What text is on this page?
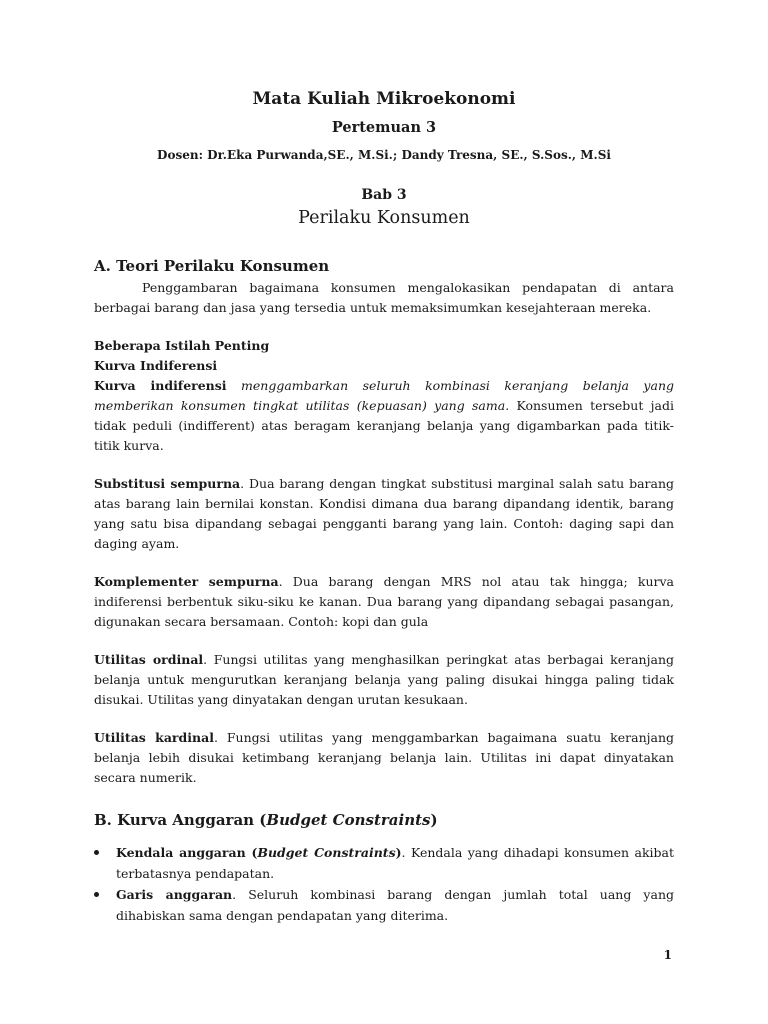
Mata Kuliah Mikroekonomi

Pertemuan 3

Dosen: Dr.Eka Purwanda,SE., M.Si.; Dandy Tresna, SE., S.Sos., M.Si

Bab 3

Perilaku Konsumen

A. Teori Perilaku Konsumen

Penggambaran bagaimana konsumen mengalokasikan pendapatan di antara berbagai barang dan jasa yang tersedia untuk memaksimumkan kesejahteraan mereka.

Beberapa Istilah Penting

Kurva Indiferensi

Kurva indiferensi menggambarkan seluruh kombinasi keranjang belanja yang memberikan konsumen tingkat utilitas (kepuasan) yang sama. Konsumen tersebut jadi tidak peduli (indifferent) atas beragam keranjang belanja yang digambarkan pada titik-titik kurva.

Substitusi sempurna. Dua barang dengan tingkat substitusi marginal salah satu barang atas barang lain bernilai konstan. Kondisi dimana dua barang dipandang identik, barang yang satu bisa dipandang sebagai pengganti barang yang lain. Contoh: daging sapi dan daging ayam.

Komplementer sempurna. Dua barang dengan MRS nol atau tak hingga; kurva indiferensi berbentuk siku-siku ke kanan. Dua barang yang dipandang sebagai pasangan, digunakan secara bersamaan. Contoh: kopi dan gula

Utilitas ordinal. Fungsi utilitas yang menghasilkan peringkat atas berbagai keranjang belanja untuk mengurutkan keranjang belanja yang paling disukai hingga paling tidak disukai. Utilitas yang dinyatakan dengan urutan kesukaan.

Utilitas kardinal. Fungsi utilitas yang menggambarkan bagaimana suatu keranjang belanja lebih disukai ketimbang keranjang belanja lain. Utilitas ini dapat dinyatakan secara numerik.

B. Kurva Anggaran (Budget Constraints)

Kendala anggaran (Budget Constraints). Kendala yang dihadapi konsumen akibat terbatasnya pendapatan.
Garis anggaran. Seluruh kombinasi barang dengan jumlah total uang yang dihabiskan sama dengan pendapatan yang diterima.
1
